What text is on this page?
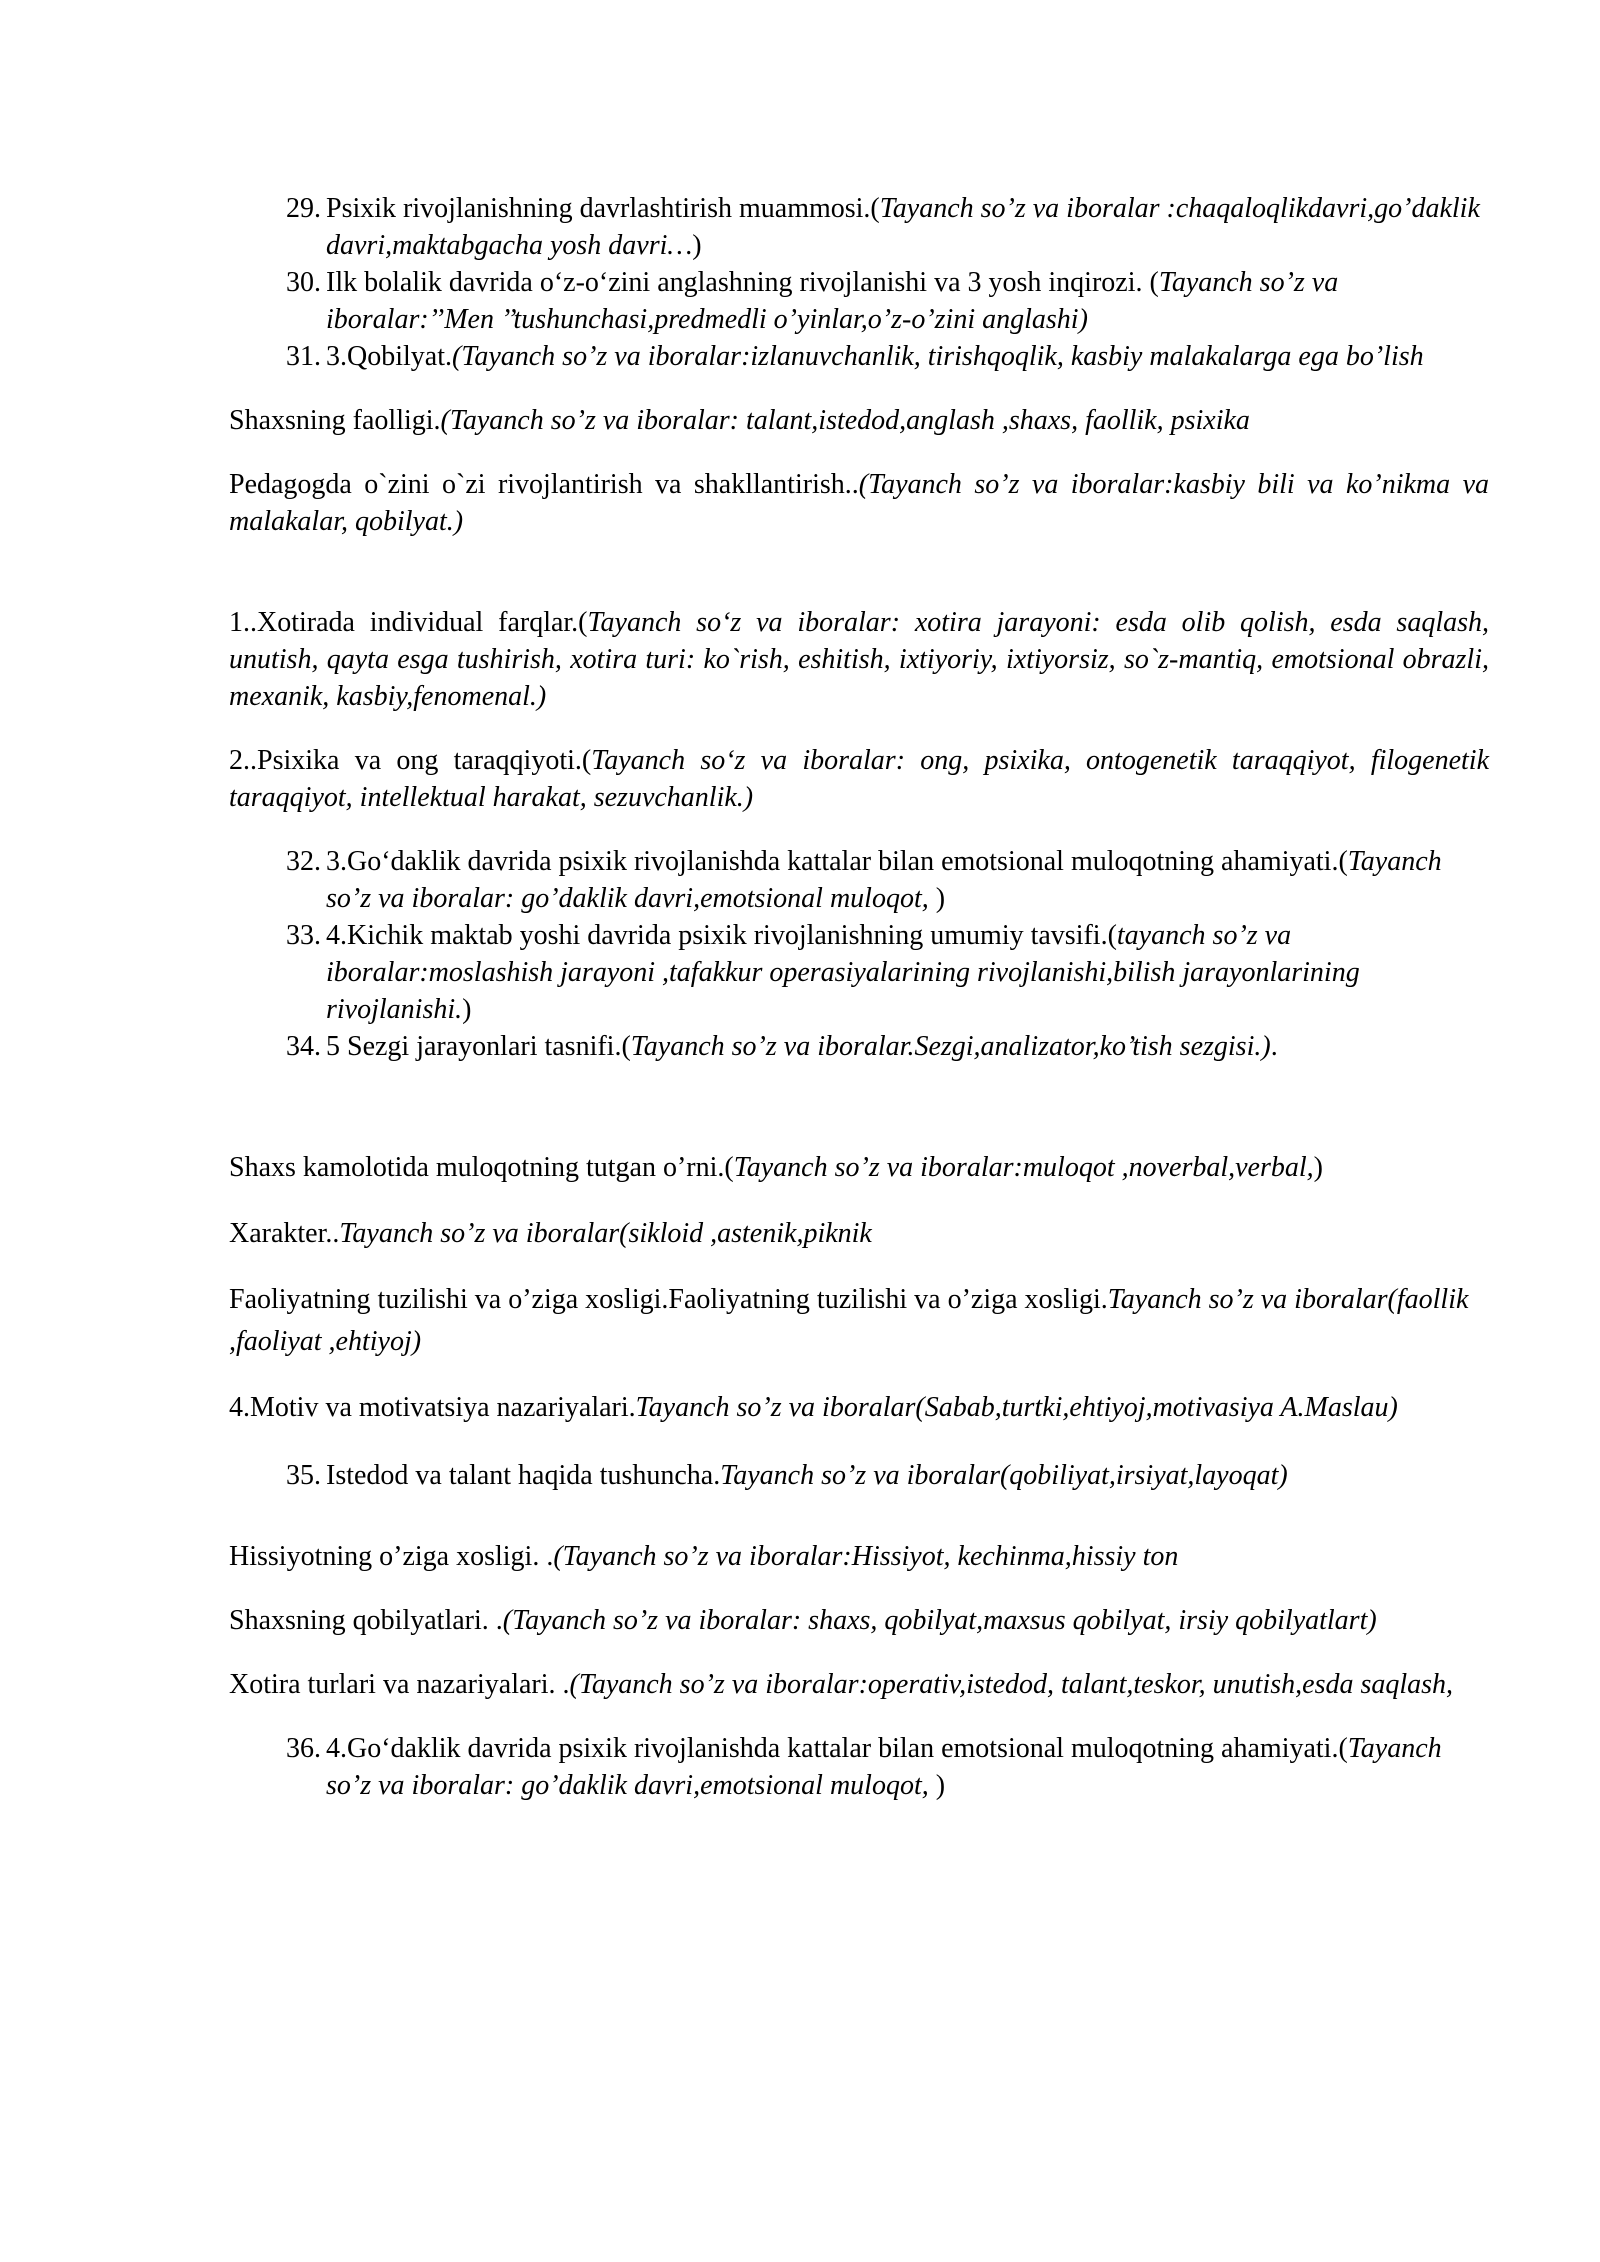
29. Psixik rivojlanishning davrlashtirish muammosi.(Tayanch so’z va iboralar :chaqaloqlikdavri,go’daklik davri,maktabgacha yosh davri…)
30. Ilk bolalik davrida o‘z-o‘zini anglashning rivojlanishi va 3 yosh inqirozi. (Tayanch so’z va iboralar:’’Men ’’tushunchasi,predmedli o’yinlar,o’z-o’zini anglashi)
31. 3.Qobilyat.(Tayanch so’z va iboralar:izlanuvchanlik, tirishqoqlik, kasbiy malakalarga ega bo’lish

Shaxsning faolligi.(Tayanch so’z va iboralar: talant,istedod,anglash ,shaxs, faollik, psixika

Pedagogda o`zini o`zi rivojlantirish va shakllantirish..(Tayanch so’z va iboralar:kasbiy bili va ko’nikma va malakalar, qobilyat.)

1..Xotirada individual farqlar.(Tayanch so‘z va iboralar: xotira jarayoni: esda olib qolish, esda saqlash, unutish, qayta esga tushirish, xotira turi: ko`rish, eshitish, ixtiyoriy, ixtiyorsiz, so`z-mantiq, emotsional obrazli, mexanik, kasbiy,fenomenal.)

2..Psixika va ong taraqqiyoti.(Tayanch so‘z va iboralar: ong, psixika, ontogenetik taraqqiyot, filogenetik taraqqiyot, intellektual harakat, sezuvchanlik.)

32. 3.Go‘daklik davrida psixik rivojlanishda kattalar bilan emotsional muloqotning ahamiyati.(Tayanch so’z va iboralar: go’daklik davri,emotsional muloqot, )
33. 4.Kichik maktab yoshi davrida psixik rivojlanishning umumiy tavsifi.(tayanch so’z va iboralar:moslashish jarayoni ,tafakkur operasiyalarining rivojlanishi,bilish jarayonlarining rivojlanishi.)
34. 5 Sezgi jarayonlari tasnifi.(Tayanch so’z va iboralar.Sezgi,analizator,ko’tish sezgisi.).

Shaxs kamolotida muloqotning tutgan o’rni.(Tayanch so’z va iboralar:muloqot ,noverbal,verbal,)

Xarakter..Tayanch so’z va iboralar(sikloid ,astenik,piknik

Faoliyatning tuzilishi va o’ziga xosligi.Faoliyatning tuzilishi va o’ziga xosligi.Tayanch so’z va iboralar(faollik ,faoliyat ,ehtiyoj)

4.Motiv va motivatsiya nazariyalari.Tayanch so’z va iboralar(Sabab,turtki,ehtiyoj,motivasiya A.Maslau)

35. Istedod va talant haqida tushuncha.Tayanch so’z va iboralar(qobiliyat,irsiyat,layoqat)

Hissiyotning o’ziga xosligi. .(Tayanch so’z va iboralar:Hissiyot, kechinma,hissiy ton

Shaxsning qobilyatlari. .(Tayanch so’z va iboralar: shaxs, qobilyat,maxsus qobilyat, irsiy qobilyatlart)

Xotira turlari va nazariyalari. .(Tayanch so’z va iboralar:operativ,istedod, talant,teskor, unutish,esda saqlash,

36. 4.Go‘daklik davrida psixik rivojlanishda kattalar bilan emotsional muloqotning ahamiyati.(Tayanch so’z va iboralar: go’daklik davri,emotsional muloqot, )
